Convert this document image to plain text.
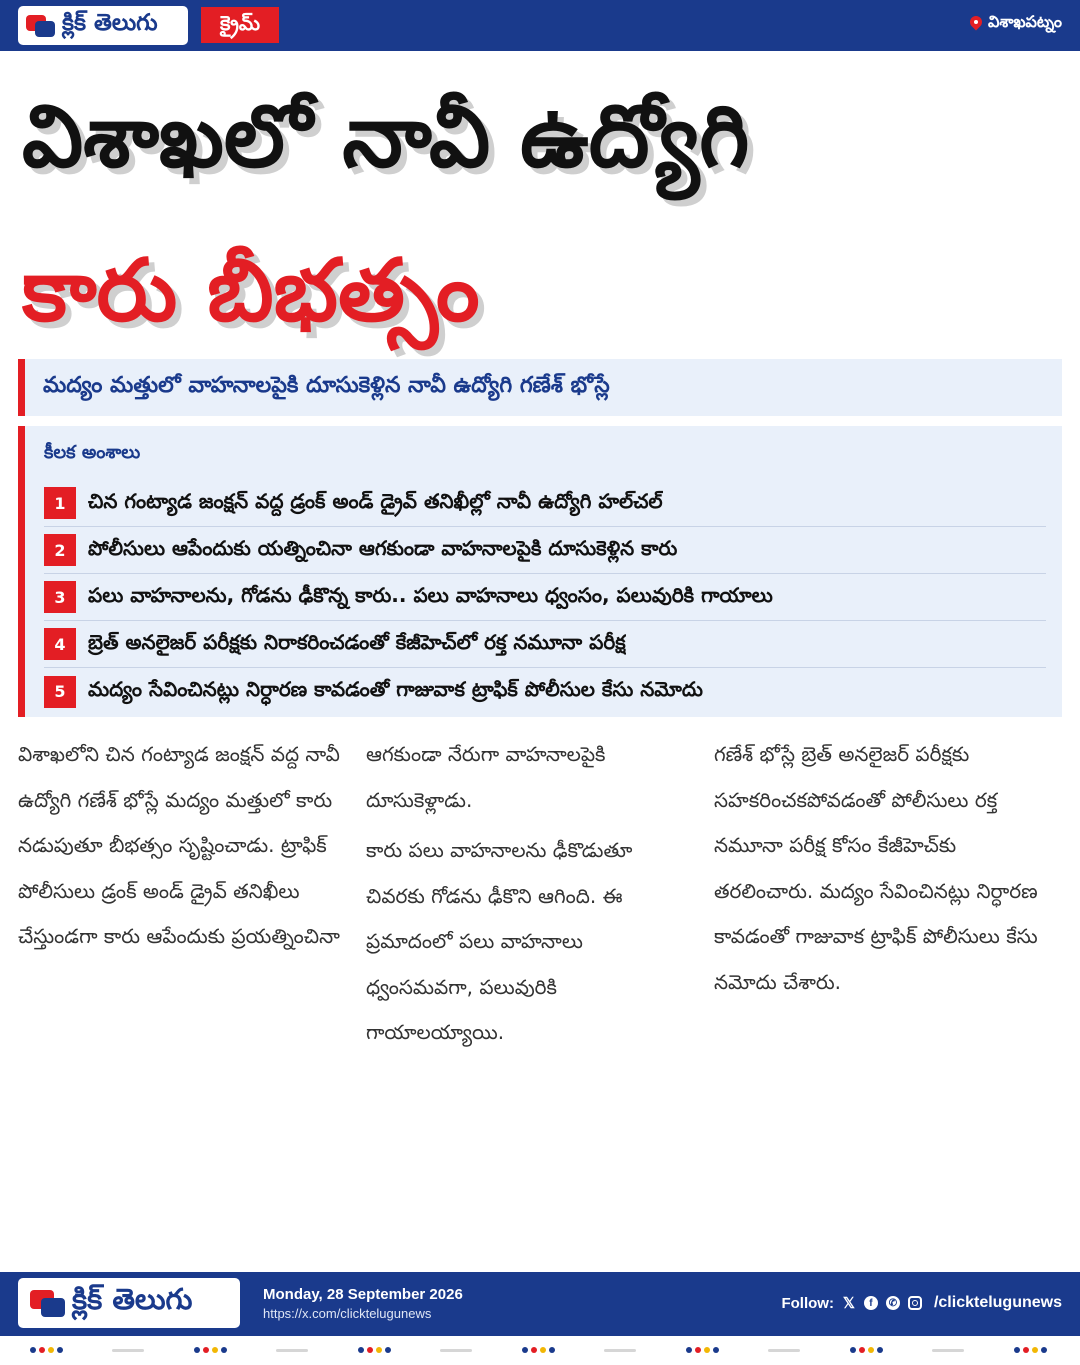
క్లిక్ తెలుగు	క్రైమ్	విశాఖపట్నం
విశాఖలో నావీ ఉద్యోగి
కారు బీభత్సం
మద్యం మత్తులో వాహనాలపైకి దూసుకెళ్లిన నావీ ఉద్యోగి గణేశ్ భోస్లే
కీలక అంశాలు
1	చిన గంట్యాడ జంక్షన్ వద్ద డ్రంక్ అండ్ డ్రైవ్ తనిఖీల్లో నావీ ఉద్యోగి హల్‌చల్
2	పోలీసులు ఆపేందుకు యత్నించినా ఆగకుండా వాహనాలపైకి దూసుకెళ్లిన కారు
3	పలు వాహనాలను, గోడను ఢీకొన్న కారు.. పలు వాహనాలు ధ్వంసం, పలువురికి గాయాలు
4	బ్రెత్ అనలైజర్ పరీక్షకు నిరాకరించడంతో కేజీహెచ్‌లో రక్త నమూనా పరీక్ష
5	మద్యం సేవించినట్లు నిర్ధారణ కావడంతో గాజువాక ట్రాఫిక్ పోలీసుల కేసు నమోదు

విశాఖలోని చిన గంట్యాడ జంక్షన్ వద్ద నావీ ఉద్యోగి గణేశ్ భోస్లే మద్యం మత్తులో కారు నడుపుతూ బీభత్సం సృష్టించాడు. ట్రాఫిక్ పోలీసులు డ్రంక్ అండ్ డ్రైవ్ తనిఖీలు చేస్తుండగా కారు ఆపేందుకు ప్రయత్నించినా

ఆగకుండా నేరుగా వాహనాలపైకి దూసుకెళ్లాడు.

కారు పలు వాహనాలను ఢీకొడుతూ చివరకు గోడను ఢీకొని ఆగింది. ఈ ప్రమాదంలో పలు వాహనాలు ధ్వంసమవగా, పలువురికి గాయాలయ్యాయి.

గణేశ్ భోస్లే బ్రెత్ అనలైజర్ పరీక్షకు సహకరించకపోవడంతో పోలీసులు రక్త నమూనా పరీక్ష కోసం కేజీహెచ్‌కు తరలించారు. మద్యం సేవించినట్లు నిర్ధారణ కావడంతో గాజువాక ట్రాఫిక్ పోలీసులు కేసు నమోదు చేశారు.

క్లిక్ తెలుగు	Monday, 28 September 2026
https://x.com/clicktelugunews
Follow: 𝕏	f	✆ /clicktelugunews
